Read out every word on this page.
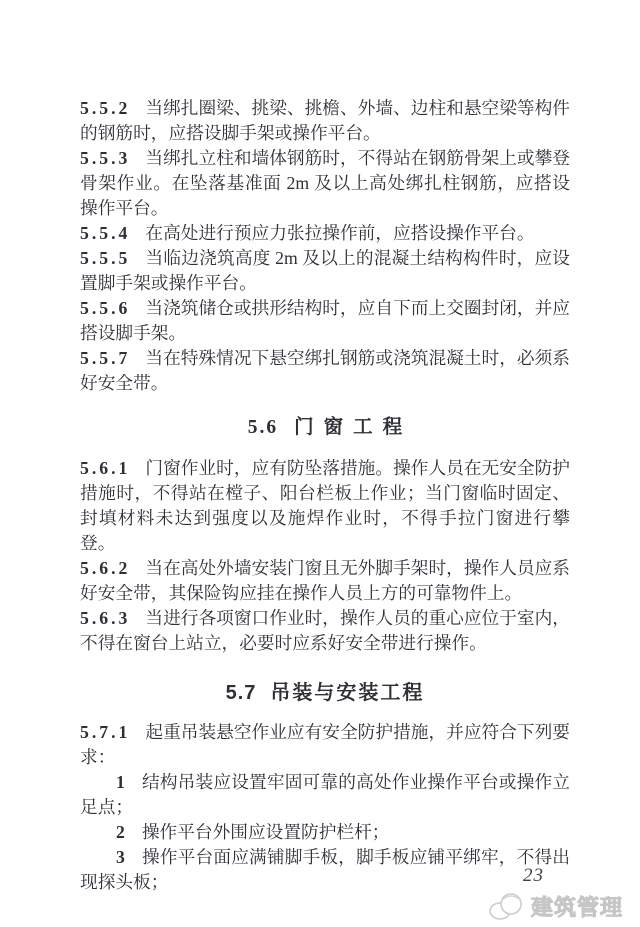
5.5.2 当绑扎圈梁、挑梁、挑檐、外墙、边柱和悬空梁等构件的钢筋时，应搭设脚手架或操作平台。

5.5.3 当绑扎立柱和墙体钢筋时，不得站在钢筋骨架上或攀登骨架作业。在坠落基准面 2m 及以上高处绑扎柱钢筋，应搭设操作平台。

5.5.4 在高处进行预应力张拉操作前，应搭设操作平台。

5.5.5 当临边浇筑高度 2m 及以上的混凝土结构构件时，应设置脚手架或操作平台。

5.5.6 当浇筑储仓或拱形结构时，应自下而上交圈封闭，并应搭设脚手架。

5.5.7 当在特殊情况下悬空绑扎钢筋或浇筑混凝土时，必须系好安全带。

5.6 门窗工程

5.6.1 门窗作业时，应有防坠落措施。操作人员在无安全防护措施时，不得站在樘子、阳台栏板上作业；当门窗临时固定、封填材料未达到强度以及施焊作业时，不得手拉门窗进行攀登。

5.6.2 当在高处外墙安装门窗且无外脚手架时，操作人员应系好安全带，其保险钩应挂在操作人员上方的可靠物件上。

5.6.3 当进行各项窗口作业时，操作人员的重心应位于室内，不得在窗台上站立，必要时应系好安全带进行操作。

5.7 吊装与安装工程

5.7.1 起重吊装悬空作业应有安全防护措施，并应符合下列要求：

1 结构吊装应设置牢固可靠的高处作业操作平台或操作立足点；

2 操作平台外围应设置防护栏杆；

3 操作平台面应满铺脚手板，脚手板应铺平绑牢，不得出现探头板；	23
建筑管理
